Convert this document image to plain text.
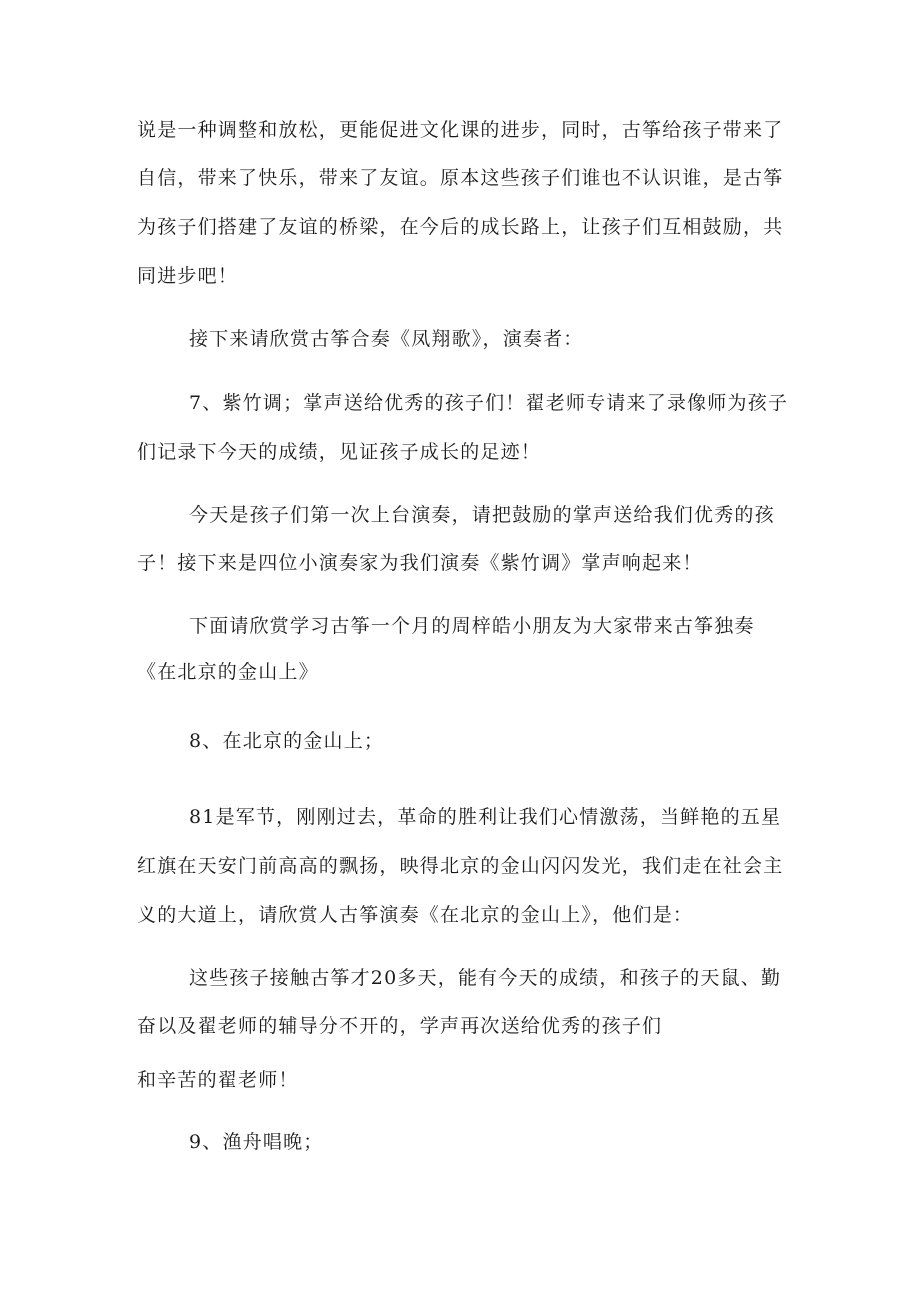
说是一种调整和放松，更能促进文化课的进步，同时，古筝给孩子带来了
自信，带来了快乐，带来了友谊。原本这些孩子们谁也不认识谁，是古筝
为孩子们搭建了友谊的桥梁，在今后的成长路上，让孩子们互相鼓励，共
同进步吧！
接下来请欣赏古筝合奏《凤翔歌》，演奏者：
7、紫竹调；掌声送给优秀的孩子们！翟老师专请来了录像师为孩子
们记录下今天的成绩，见证孩子成长的足迹！
今天是孩子们第一次上台演奏，请把鼓励的掌声送给我们优秀的孩
子！接下来是四位小演奏家为我们演奏《紫竹调》掌声响起来！
下面请欣赏学习古筝一个月的周梓皓小朋友为大家带来古筝独奏
《在北京的金山上》
8、在北京的金山上；
81是军节，刚刚过去，革命的胜利让我们心情激荡，当鲜艳的五星
红旗在天安门前高高的飘扬，映得北京的金山闪闪发光，我们走在社会主
义的大道上，请欣赏人古筝演奏《在北京的金山上》，他们是：
这些孩子接触古筝才20多天，能有今天的成绩，和孩子的天鼠、勤
奋以及翟老师的辅导分不开的，学声再次送给优秀的孩子们
和辛苦的翟老师！
9、渔舟唱晚；
